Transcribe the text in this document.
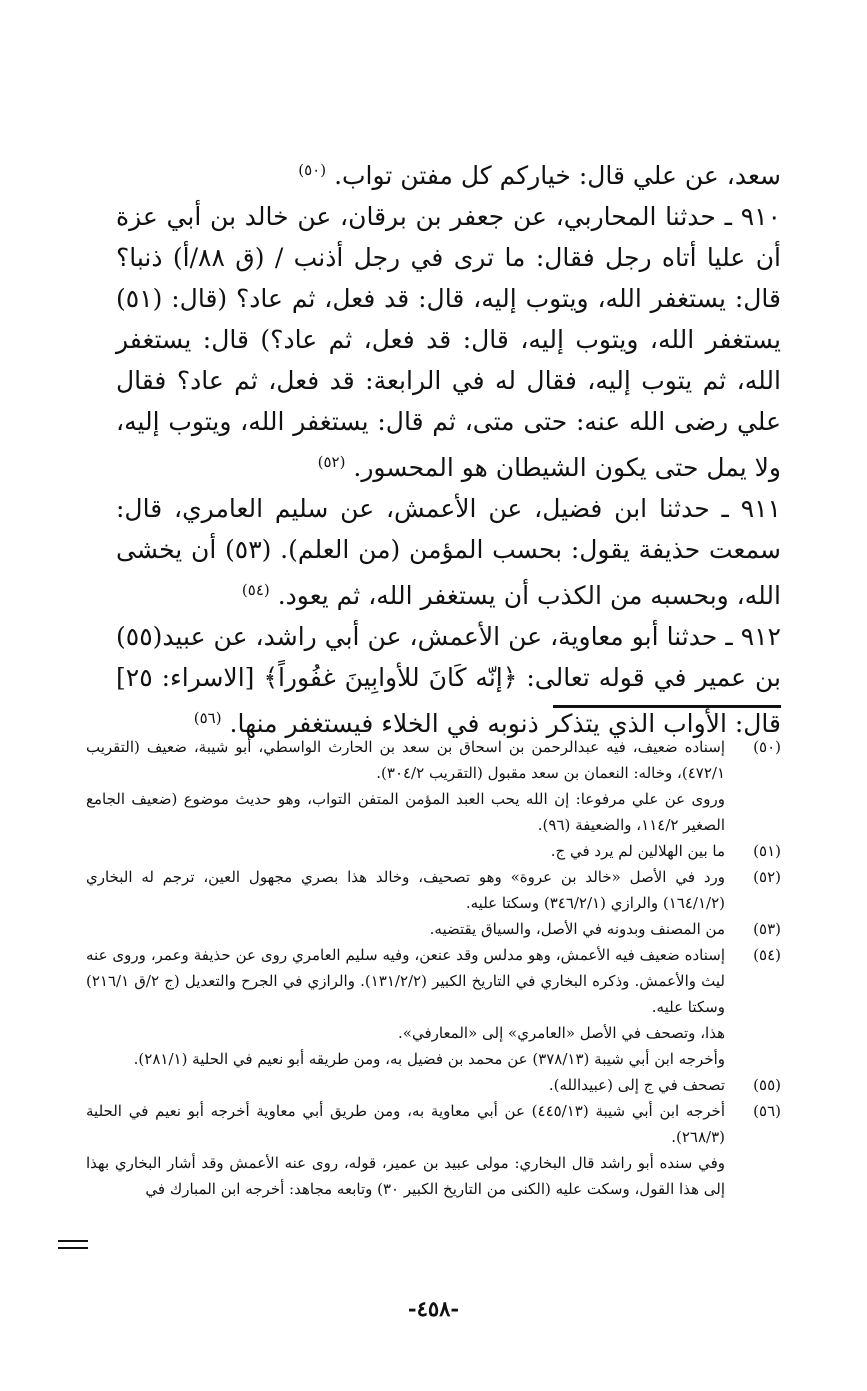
سعد، عن علي قال: خياركم كل مفتن تواب. $^{(٥٠)}$

٩١٠ ـ حدثنا المحاربي، عن جعفر بن برقان، عن خالد بن أبي عزة أن عليا أتاه رجل فقال: ما ترى في رجل أذنب / (ق ٨٨/أ) ذنبا؟ قال: يستغفر الله، ويتوب إليه، قال: قد فعل، ثم عاد؟ (قال: (٥١) يستغفر الله، ويتوب إليه، قال: قد فعل، ثم عاد؟) قال: يستغفر الله، ثم يتوب إليه، فقال له في الرابعة: قد فعل، ثم عاد؟ فقال علي رضى الله عنه: حتى متى، ثم قال: يستغفر الله، ويتوب إليه، ولا يمل حتى يكون الشيطان هو المحسور. $^{(٥٢)}$

٩١١ ـ حدثنا ابن فضيل، عن الأعمش، عن سليم العامري، قال: سمعت حذيفة يقول: بحسب المؤمن (من العلم). (٥٣) أن يخشى الله، وبحسبه من الكذب أن يستغفر الله، ثم يعود. $^{(٥٤)}$

٩١٢ ـ حدثنا أبو معاوية، عن الأعمش، عن أبي راشد، عن عبيد(٥٥) بن عمير في قوله تعالى: ﴿إنّه كَانَ للأوابِينَ غفُوراً﴾ [الاسراء: ٢٥] قال: الأواب الذي يتذكر ذنوبه في الخلاء فيستغفر منها. $^{(٥٦)}$

(٥٠)
إسناده ضعيف، فيه عبدالرحمن بن اسحاق بن سعد بن الحارث الواسطي، أبو شيبة، ضعيف (التقريب ٤٧٢/١)، وخاله: النعمان بن سعد مقبول (التقريب ٣٠٤/٢).
وروى عن علي مرفوعا: إن الله يحب العبد المؤمن المتفن التواب، وهو حديث موضوع (ضعيف الجامع الصغير ١١٤/٢، والضعيفة (٩٦).
(٥١)
ما بين الهلالين لم يرد في ج.
(٥٢)
ورد في الأصل «خالد بن عروة» وهو تصحيف، وخالد هذا بصري مجهول العين، ترجم له البخاري (١٦٤/١/٢) والرازي (٣٤٦/٢/١) وسكتا عليه.
(٥٣)
من المصنف وبدونه في الأصل، والسياق يقتضيه.
(٥٤)
إسناده ضعيف فيه الأعمش، وهو مدلس وقد عنعن، وفيه سليم العامري روى عن حذيفة وعمر، وروى عنه ليث والأعمش. وذكره البخاري في التاريخ الكبير (١٣١/٢/٢). والرازي في الجرح والتعديل (ج ٢/ق ٢١٦/١) وسكتا عليه.
هذا، وتصحف في الأصل «العامري» إلى «المعارفي».
وأخرجه ابن أبي شيبة (٣٧٨/١٣) عن محمد بن فضيل به، ومن طريقه أبو نعيم في الحلية (٢٨١/١).
(٥٥)
تصحف في ج إلى (عبيدالله).
(٥٦)
أخرجه ابن أبي شيبة (٤٤٥/١٣) عن أبي معاوية به، ومن طريق أبي معاوية أخرجه أبو نعيم في الحلية (٢٦٨/٣).
وفي سنده أبو راشد قال البخاري: مولى عبيد بن عمير، قوله، روى عنه الأعمش وقد أشار البخاري بهذا إلى هذا القول، وسكت عليه (الكنى من التاريخ الكبير ٣٠) وتابعه مجاهد: أخرجه ابن المبارك في
-٤٥٨-
